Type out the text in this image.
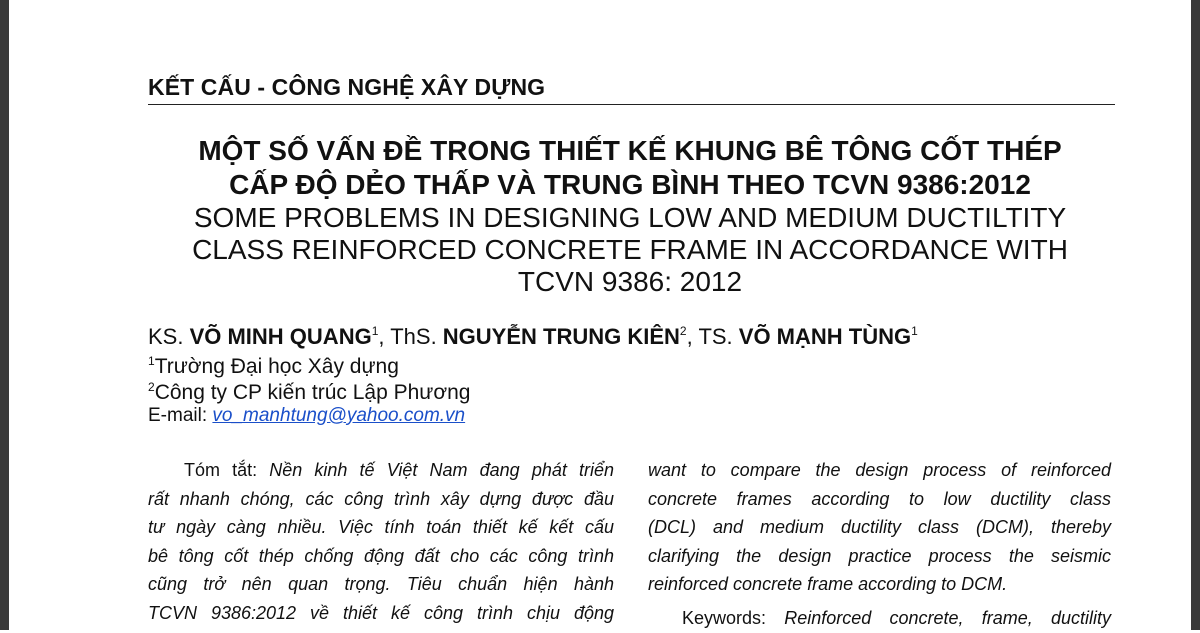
KẾT CẤU - CÔNG NGHỆ XÂY DỰNG
MỘT SỐ VẤN ĐỀ TRONG THIẾT KẾ KHUNG BÊ TÔNG CỐT THÉP
CẤP ĐỘ DẺO THẤP VÀ TRUNG BÌNH THEO TCVN 9386:2012
SOME PROBLEMS IN DESIGNING LOW AND MEDIUM DUCTILTITY
CLASS REINFORCED CONCRETE FRAME IN ACCORDANCE WITH
TCVN 9386: 2012
KS. VÕ MINH QUANG$^1$, ThS. NGUYỄN TRUNG KIÊN$^2$, TS. VÕ MẠNH TÙNG$^1$
$^1$Trường Đại học Xây dựng
$^2$Công ty CP kiến trúc Lập Phương
E-mail: vo_manhtung@yahoo.com.vn
Tóm tắt: Nền kinh tế Việt Nam đang phát triển
rất nhanh chóng, các công trình xây dựng được đầu
tư ngày càng nhiều. Việc tính toán thiết kế kết cấu
bê tông cốt thép chống động đất cho các công trình
cũng trở nên quan trọng. Tiêu chuẩn hiện hành
TCVN 9386:2012 về thiết kế công trình chịu động
want to compare the design process of reinforced
concrete frames according to low ductility class
(DCL) and medium ductility class (DCM), thereby
clarifying the design practice process the seismic
reinforced concrete frame according to DCM.
Keywords: Reinforced concrete, frame, ductility
